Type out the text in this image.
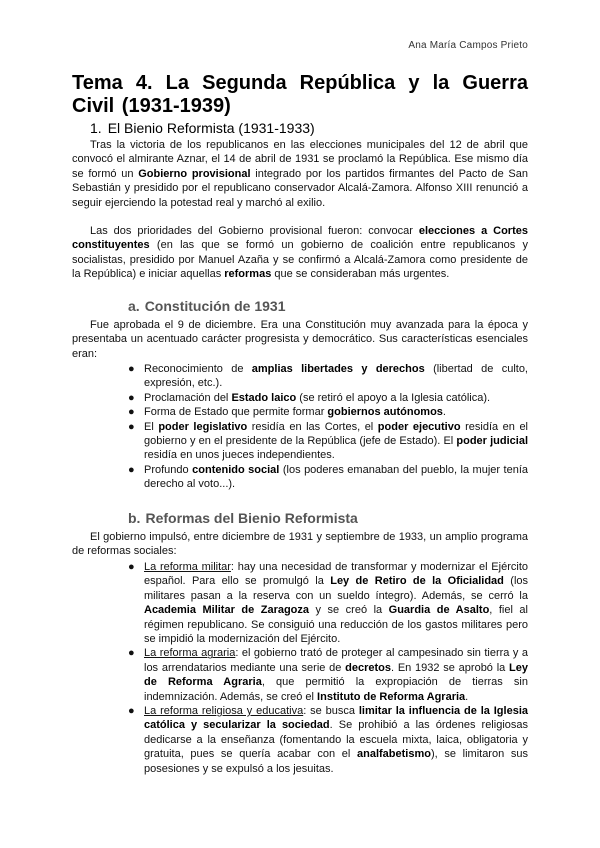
Ana María Campos Prieto
Tema 4. La Segunda República y la Guerra Civil (1931-1939)
1. El Bienio Reformista (1931-1933)

Tras la victoria de los republicanos en las elecciones municipales del 12 de abril que convocó el almirante Aznar, el 14 de abril de 1931 se proclamó la República. Ese mismo día se formó un Gobierno provisional integrado por los partidos firmantes del Pacto de San Sebastián y presidido por el republicano conservador Alcalá-Zamora. Alfonso XIII renunció a seguir ejerciendo la potestad real y marchó al exilio.

Las dos prioridades del Gobierno provisional fueron: convocar elecciones a Cortes constituyentes (en las que se formó un gobierno de coalición entre republicanos y socialistas, presidido por Manuel Azaña y se confirmó a Alcalá-Zamora como presidente de la República) e iniciar aquellas reformas que se consideraban más urgentes.

a. Constitución de 1931

Fue aprobada el 9 de diciembre. Era una Constitución muy avanzada para la época y presentaba un acentuado carácter progresista y democrático. Sus características esenciales eran:

● Reconocimiento de amplias libertades y derechos (libertad de culto, expresión, etc.).
● Proclamación del Estado laico (se retiró el apoyo a la Iglesia católica).
● Forma de Estado que permite formar gobiernos autónomos.
● El poder legislativo residía en las Cortes, el poder ejecutivo residía en el gobierno y en el presidente de la República (jefe de Estado). El poder judicial residía en unos jueces independientes.
● Profundo contenido social (los poderes emanaban del pueblo, la mujer tenía derecho al voto...).
b. Reformas del Bienio Reformista

El gobierno impulsó, entre diciembre de 1931 y septiembre de 1933, un amplio programa de reformas sociales:

● La reforma militar: hay una necesidad de transformar y modernizar el Ejército español. Para ello se promulgó la Ley de Retiro de la Oficialidad (los militares pasan a la reserva con un sueldo íntegro). Además, se cerró la Academia Militar de Zaragoza y se creó la Guardia de Asalto, fiel al régimen republicano. Se consiguió una reducción de los gastos militares pero se impidió la modernización del Ejército.
● La reforma agraria: el gobierno trató de proteger al campesinado sin tierra y a los arrendatarios mediante una serie de decretos. En 1932 se aprobó la Ley de Reforma Agraria, que permitió la expropiación de tierras sin indemnización. Además, se creó el Instituto de Reforma Agraria.
● La reforma religiosa y educativa: se busca limitar la influencia de la Iglesia católica y secularizar la sociedad. Se prohibió a las órdenes religiosas dedicarse a la enseñanza (fomentando la escuela mixta, laica, obligatoria y gratuita, pues se quería acabar con el analfabetismo), se limitaron sus posesiones y se expulsó a los jesuitas.
